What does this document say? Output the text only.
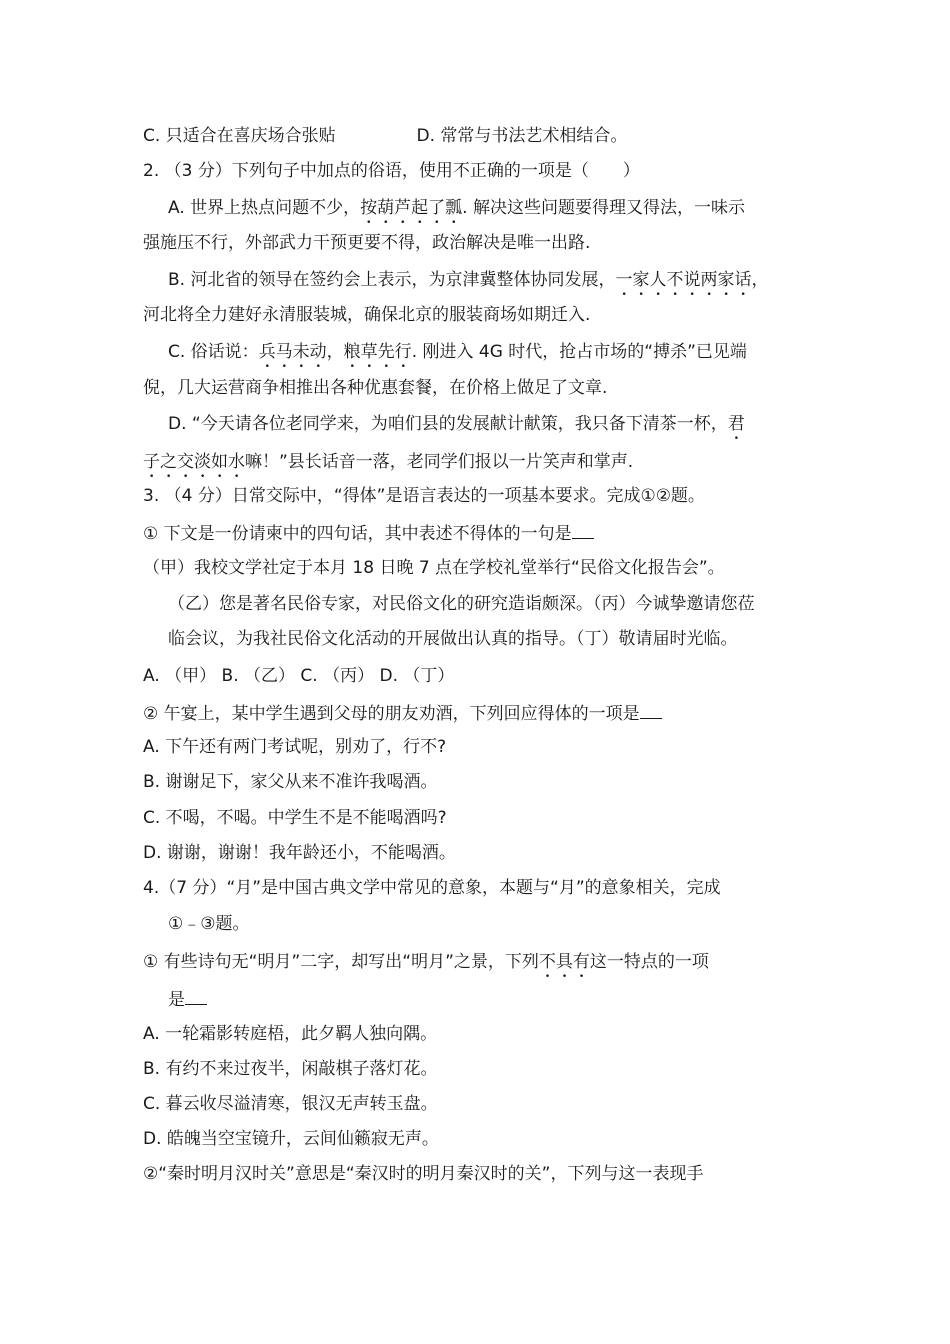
C. 只适合在喜庆场合张贴	D. 常常与书法艺术相结合。
2. （3 分）下列句子中加点的俗语，使用不正确的一项是（　　）
A. 世界上热点问题不少，按葫芦起了瓢. 解决这些问题要得理又得法，一味示
强施压不行，外部武力干预更要不得，政治解决是唯一出路.
B. 河北省的领导在签约会上表示，为京津冀整体协同发展，一家人不说两家话，
河北将全力建好永清服装城，确保北京的服装商场如期迁入.
C. 俗话说：兵马未动，粮草先行. 刚进入 4G 时代，抢占市场的“搏杀”已见端
倪，几大运营商争相推出各种优惠套餐，在价格上做足了文章.
D. “今天请各位老同学来，为咱们县的发展献计献策，我只备下清茶一杯，君
子之交淡如水嘛！”县长话音一落，老同学们报以一片笑声和掌声.
3. （4 分）日常交际中，“得体”是语言表达的一项基本要求。完成①②题。
① 下文是一份请柬中的四句话，其中表述不得体的一句是
（甲）我校文学社定于本月 18 日晚 7 点在学校礼堂举行“民俗文化报告会”。
（乙）您是著名民俗专家，对民俗文化的研究造诣颇深。（丙）今诚挚邀请您莅
临会议，为我社民俗文化活动的开展做出认真的指导。（丁）敬请届时光临。
A. （甲） B. （乙） C. （丙） D. （丁）
② 午宴上，某中学生遇到父母的朋友劝酒，下列回应得体的一项是
A. 下午还有两门考试呢，别劝了，行不?
B. 谢谢足下，家父从来不准许我喝酒。
C. 不喝，不喝。中学生不是不能喝酒吗?
D. 谢谢，谢谢！我年龄还小，不能喝酒。
4.（7 分）“月”是中国古典文学中常见的意象，本题与“月”的意象相关，完成
①﹣③题。
① 有些诗句无“明月”二字，却写出“明月”之景，下列不具有这一特点的一项
是
A. 一轮霜影转庭梧，此夕羁人独向隅。
B. 有约不来过夜半，闲敲棋子落灯花。
C. 暮云收尽溢清寒，银汉无声转玉盘。
D. 皓魄当空宝镜升，云间仙籁寂无声。
②“秦时明月汉时关”意思是“秦汉时的明月秦汉时的关”，下列与这一表现手
